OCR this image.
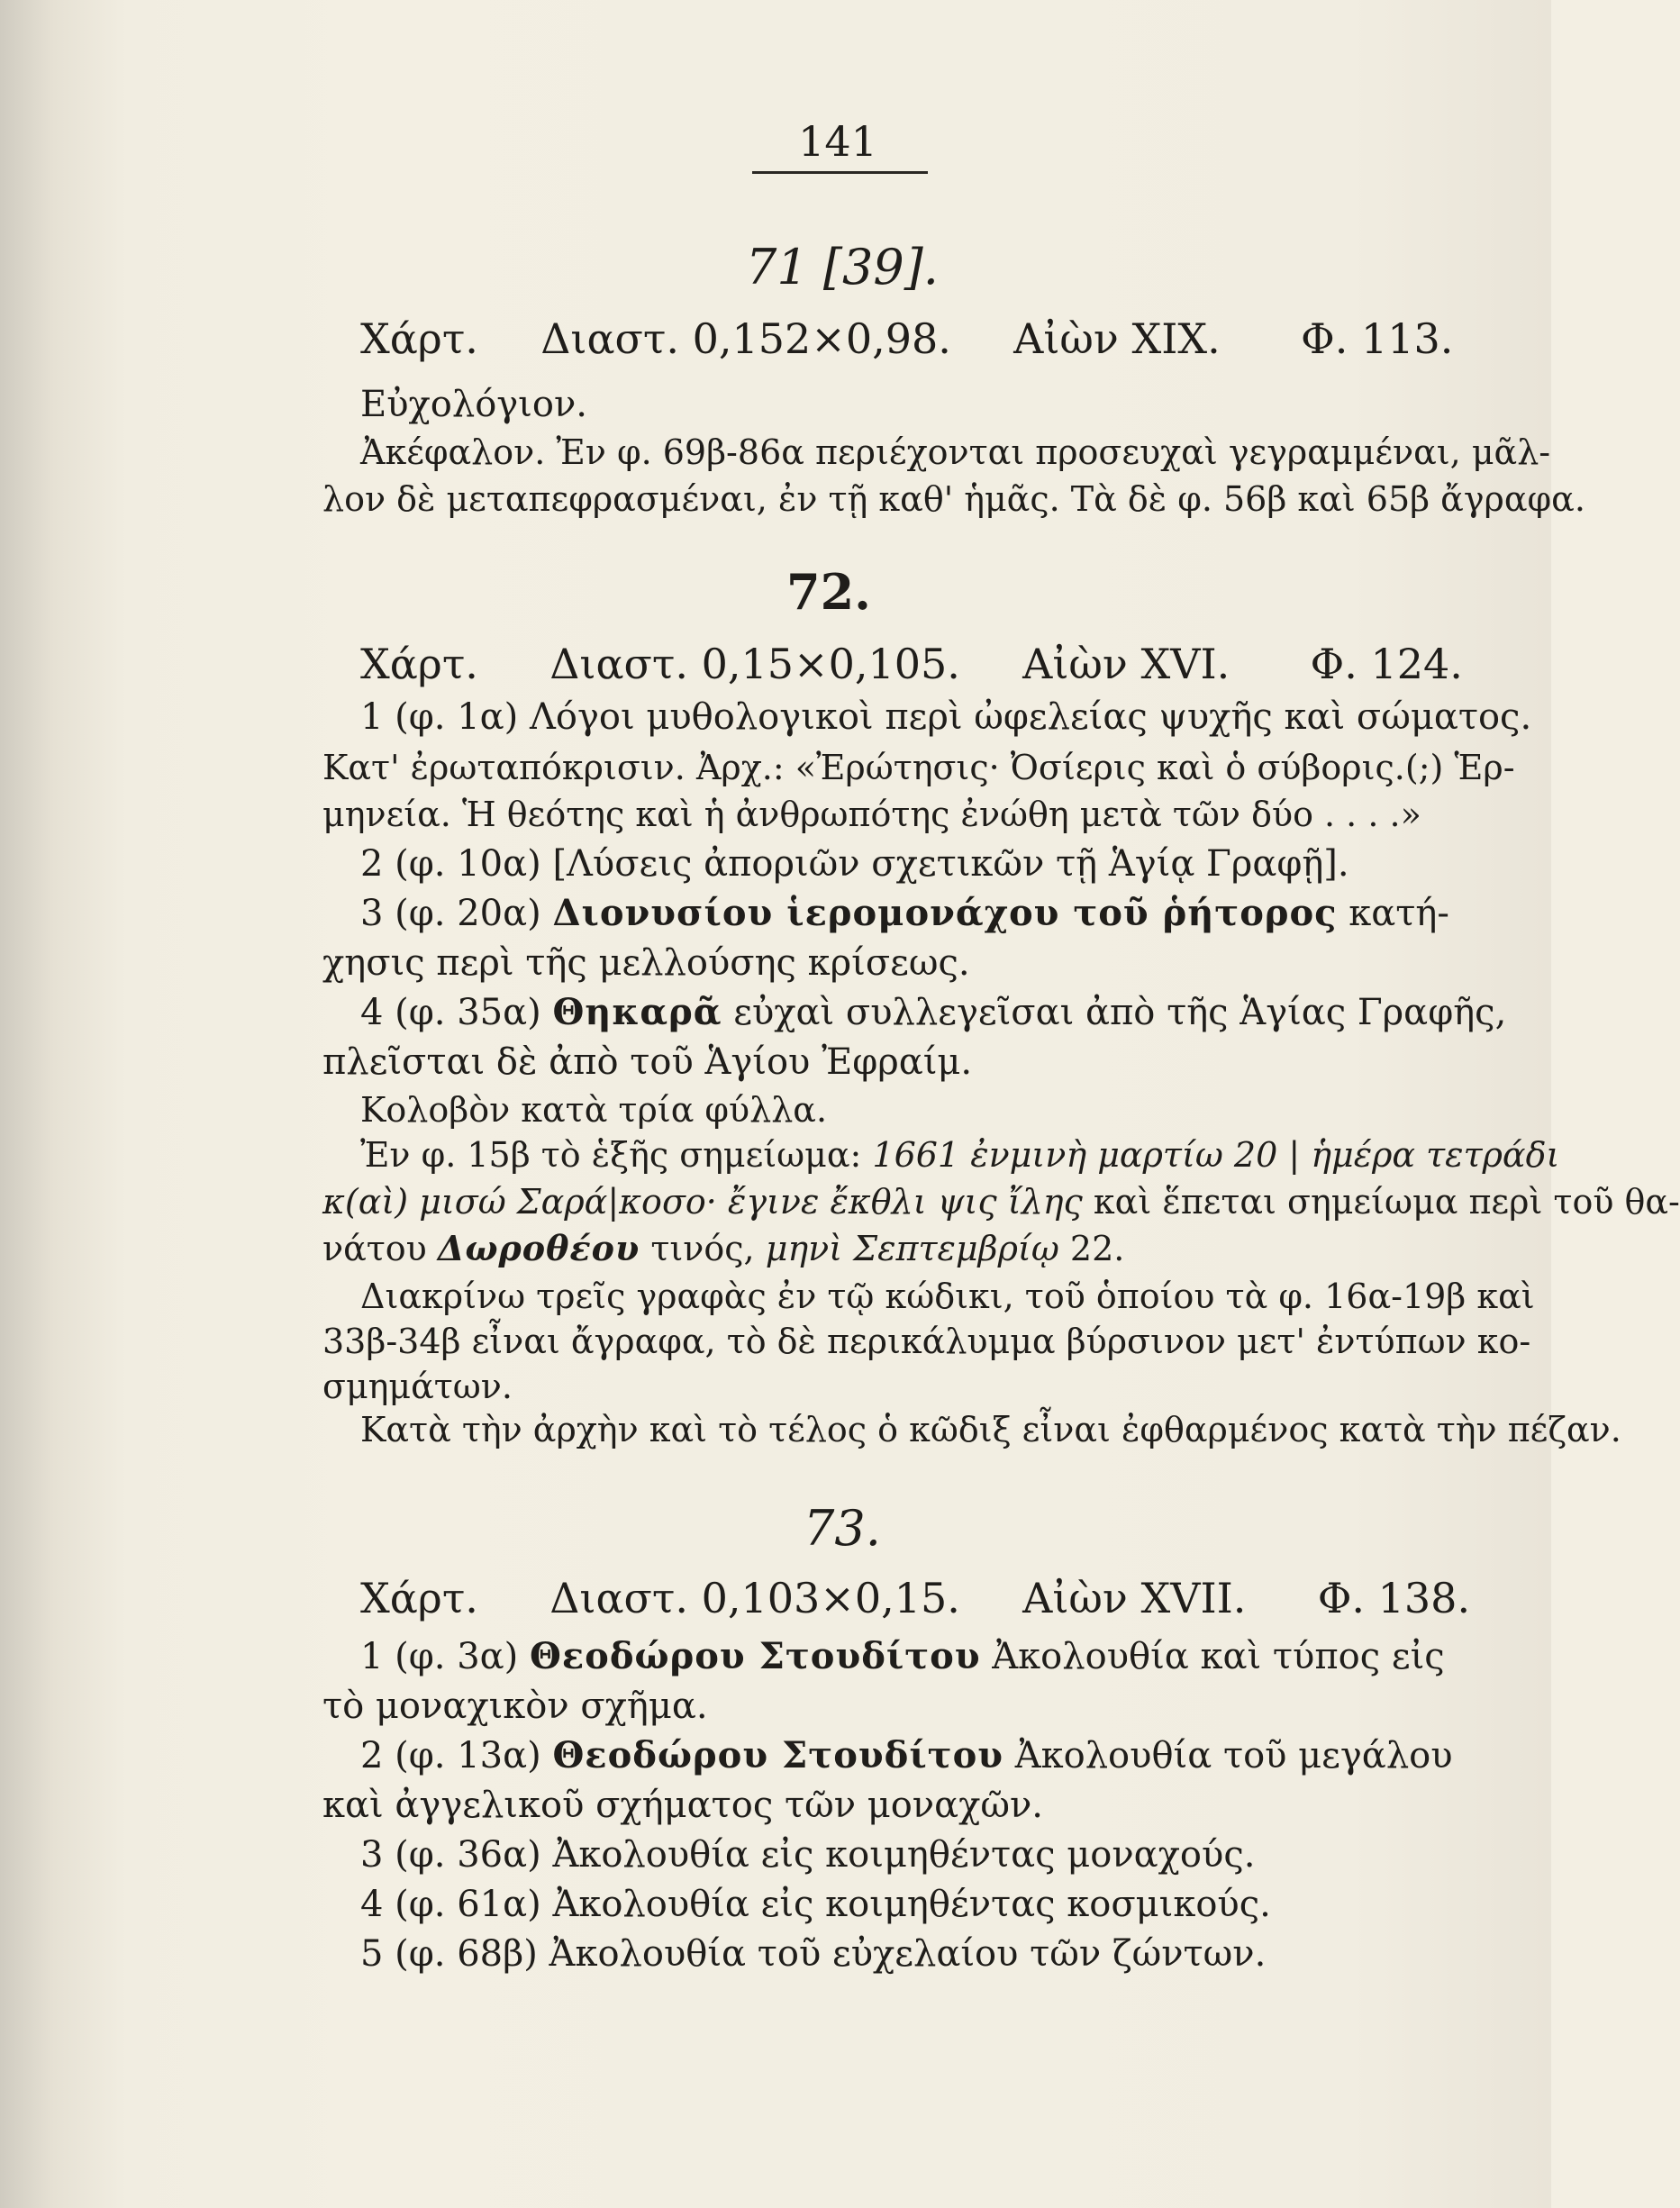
141
71 [39].
Χάρτ. Διαστ. 0,152×0,98. Αἰὼν XIX. Φ. 113.
Εὐχολόγιον.
Ἀκέφαλον. Ἐν φ. 69β-86α περιέχονται προσευχαὶ γεγραμμέναι, μᾶλ-
λον δὲ μεταπεφρασμέναι, ἐν τῇ καθ' ἡμᾶς. Τὰ δὲ φ. 56β καὶ 65β ἄγραφα.
72.
Χάρτ. Διαστ. 0,15×0,105. Αἰὼν XVI. Φ. 124.
1 (φ. 1α) Λόγοι μυθολογικοὶ περὶ ὠφελείας ψυχῆς καὶ σώματος.
Κατ' ἐρωταπόκρισιν. Ἀρχ.: «Ἐρώτησις· Ὀσίερις καὶ ὁ σύβορις.(;) Ἑρ-
μηνεία. Ἡ θεότης καὶ ἡ ἀνθρωπότης ἐνώθη μετὰ τῶν δύο . . . .»
2 (φ. 10α) [Λύσεις ἀποριῶν σχετικῶν τῇ Ἁγίᾳ Γραφῇ].
3 (φ. 20α) Διονυσίου ἱερομονάχου τοῦ ῥήτορος κατή-
χησις περὶ τῆς μελλούσης κρίσεως.
4 (φ. 35α) Θηκαρᾶ εὐχαὶ συλλεγεῖσαι ἀπὸ τῆς Ἁγίας Γραφῆς,
πλεῖσται δὲ ἀπὸ τοῦ Ἁγίου Ἐφραίμ.
Κολοβὸν κατὰ τρία φύλλα.
Ἐν φ. 15β τὸ ἑξῆς σημείωμα: 1661 ἐνμινὴ μαρτίω 20 | ἡμέρα τετράδι
κ(αὶ) μισώ Σαρά|κοσο· ἔγινε ἔκθλι ψις ἴλης καὶ ἕπεται σημείωμα περὶ τοῦ θα-
νάτου Δωροθέου τινός, μηνὶ Σεπτεμβρίῳ 22.
Διακρίνω τρεῖς γραφὰς ἐν τῷ κώδικι, τοῦ ὁποίου τὰ φ. 16α-19β καὶ
33β-34β εἶναι ἄγραφα, τὸ δὲ περικάλυμμα βύρσινον μετ' ἐντύπων κο-
σμημάτων.
Κατὰ τὴν ἀρχὴν καὶ τὸ τέλος ὁ κῶδιξ εἶναι ἐφθαρμένος κατὰ τὴν πέζαν.
73.
Χάρτ. Διαστ. 0,103×0,15. Αἰὼν XVII. Φ. 138.
1 (φ. 3α) Θεοδώρου Στουδίτου Ἀκολουθία καὶ τύπος εἰς
τὸ μοναχικὸν σχῆμα.
2 (φ. 13α) Θεοδώρου Στουδίτου Ἀκολουθία τοῦ μεγάλου
καὶ ἀγγελικοῦ σχήματος τῶν μοναχῶν.
3 (φ. 36α) Ἀκολουθία εἰς κοιμηθέντας μοναχούς.
4 (φ. 61α) Ἀκολουθία εἰς κοιμηθέντας κοσμικούς.
5 (φ. 68β) Ἀκολουθία τοῦ εὐχελαίου τῶν ζώντων.
